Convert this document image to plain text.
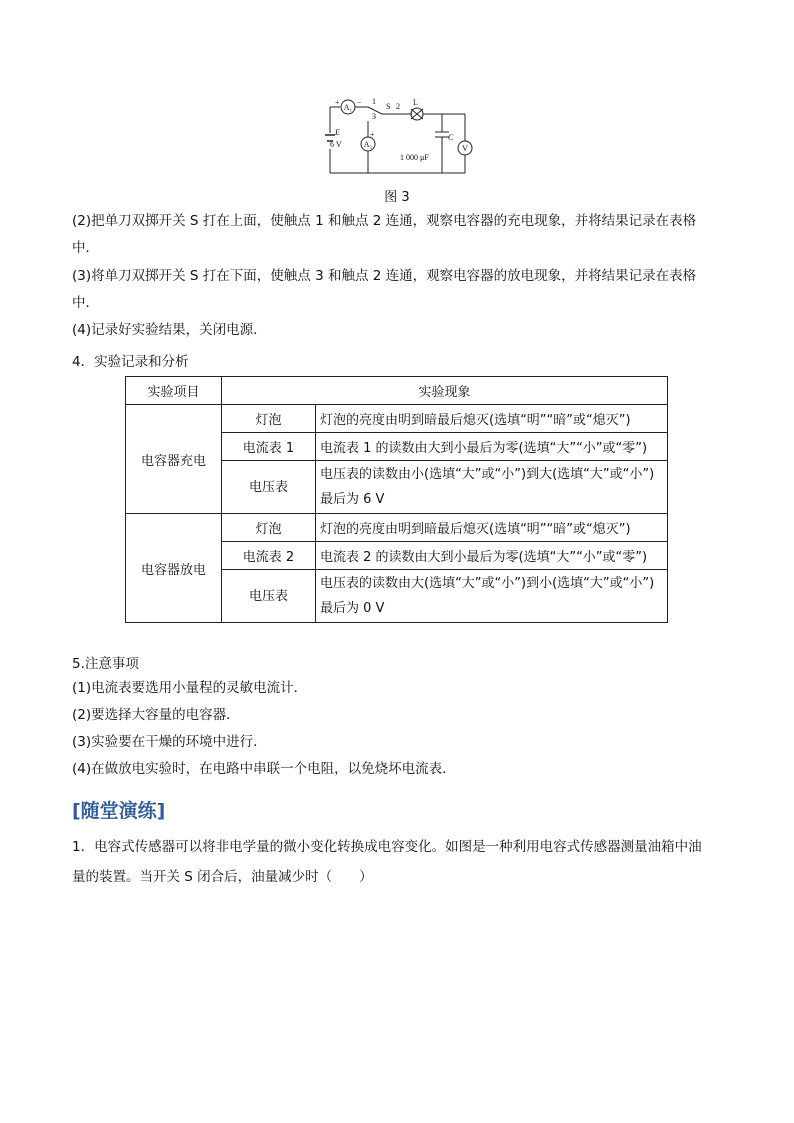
A₁
A₂	V
+ −
+
1
3
S 2 L
E
6 V
C
1 000 μF
图 3
(2)把单刀双掷开关 S 打在上面，使触点 1 和触点 2 连通，观察电容器的充电现象，并将结果记录在表格
中．
(3)将单刀双掷开关 S 打在下面，使触点 3 和触点 2 连通，观察电容器的放电现象，并将结果记录在表格
中．
(4)记录好实验结果，关闭电源．
4．实验记录和分析
实验项目	实验现象	
电容器充电	灯泡	灯泡的亮度由明到暗最后熄灭(选填“明”“暗”或“熄灭”)
	电流表 1	电流表 1 的读数由大到小最后为零(选填“大”“小”或“零”)
	电压表	电压表的读数由小(选填“大”或“小”)到大(选填“大”或“小”)
最后为 6 V

电容器放电	灯泡	灯泡的亮度由明到暗最后熄灭(选填“明”“暗”或“熄灭”)
	电流表 2	电流表 2 的读数由大到小最后为零(选填“大”“小”或“零”)
	电压表	电压表的读数由大(选填“大”或“小”)到小(选填“大”或“小”)
最后为 0 V
5.注意事项
(1)电流表要选用小量程的灵敏电流计．
(2)要选择大容量的电容器．
(3)实验要在干燥的环境中进行．
(4)在做放电实验时，在电路中串联一个电阻，以免烧坏电流表．
[随堂演练]
1．电容式传感器可以将非电学量的微小变化转换成电容变化。如图是一种利用电容式传感器测量油箱中油
量的装置。当开关 S 闭合后，油量减少时（　　）
